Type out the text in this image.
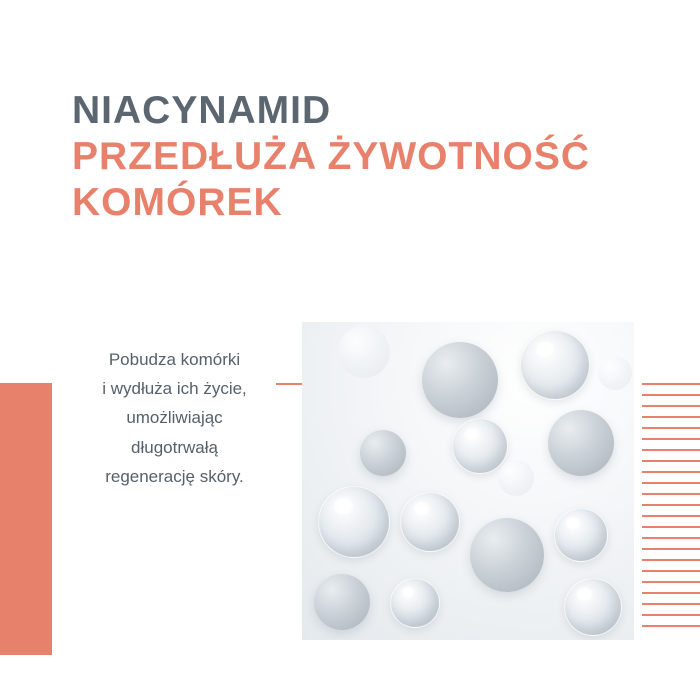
NIACYNAMID

PRZEDŁUŻA ŻYWOTNOŚĆ

KOMÓREK

Pobudza komórki

i wydłuża ich życie,

umożliwiając

długotrwałą

regenerację skóry.
